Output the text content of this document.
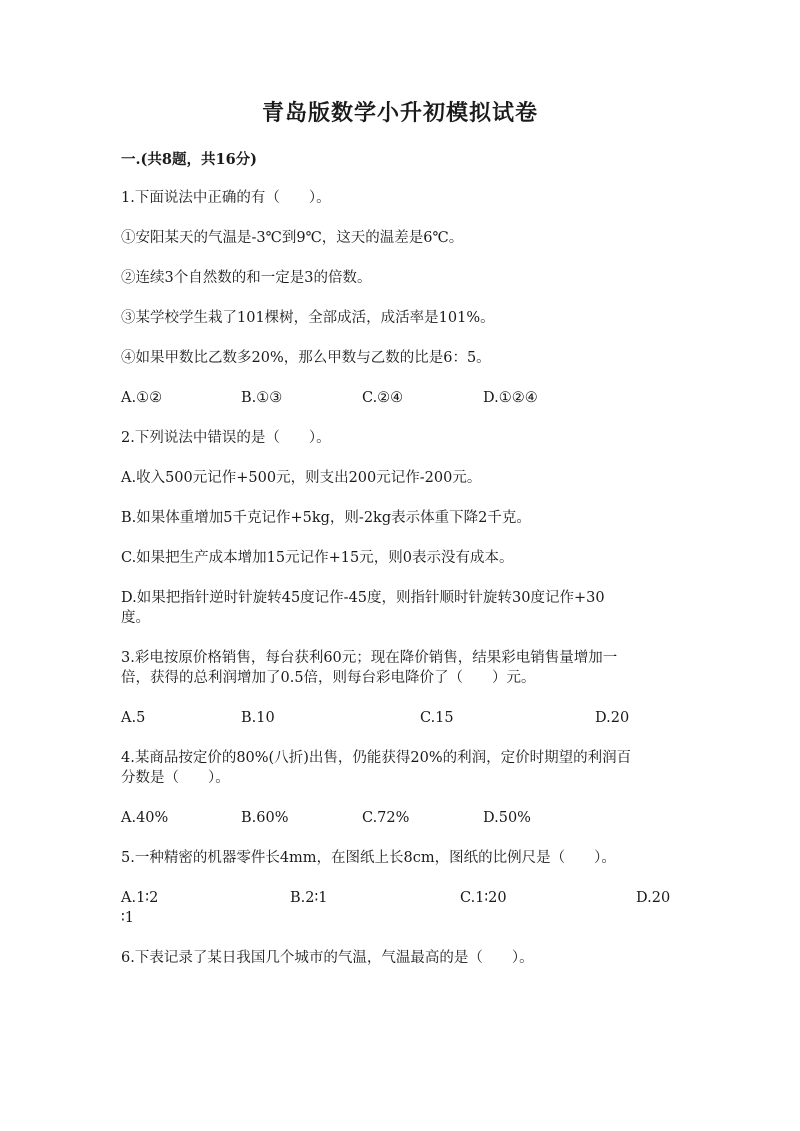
青岛版数学小升初模拟试卷
一.(共8题，共16分)
1.下面说法中正确的有（　　）。
①安阳某天的气温是-3℃到9℃，这天的温差是6℃。
②连续3个自然数的和一定是3的倍数。
③某学校学生栽了101棵树，全部成活，成活率是101%。
④如果甲数比乙数多20%，那么甲数与乙数的比是6：5。
A.①②	B.①③	C.②④	D.①②④
2.下列说法中错误的是（　　）。
A.收入500元记作+500元，则支出200元记作-200元。
B.如果体重增加5千克记作+5kg，则-2kg表示体重下降2千克。
C.如果把生产成本增加15元记作+15元，则0表示没有成本。
D.如果把指针逆时针旋转45度记作-45度，则指针顺时针旋转30度记作+30
度。
3.彩电按原价格销售，每台获利60元；现在降价销售，结果彩电销售量增加一
倍，获得的总利润增加了0.5倍，则每台彩电降价了（　　）元。
A.5	B.10	C.15	D.20
4.某商品按定价的80%(八折)出售，仍能获得20%的利润，定价时期望的利润百
分数是（　　）。
A.40%	B.60%	C.72%	D.50%
5.一种精密的机器零件长4mm，在图纸上长8cm，图纸的比例尺是（　　）。
A.1∶2	B.2∶1	C.1∶20	D.20
∶1
6.下表记录了某日我国几个城市的气温，气温最高的是（　　）。
